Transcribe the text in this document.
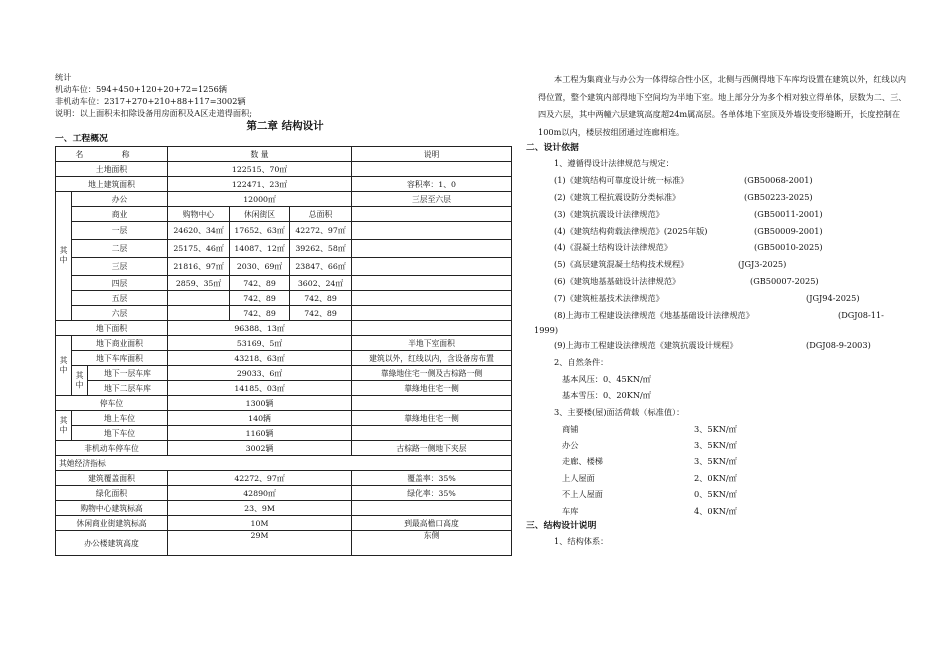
统计
机动车位：594+450+120+20+72=1256辆
非机动车位：2317+270+210+88+117=3002辆
说明：以上面积未扣除设备用房面积及A区走道得面积;
第二章 结构设计
一、工程概况
名 称			数 量			说明
土地面积			122515、70㎡			
地上建筑面积			122471、23㎡			容积率：1、0
其中	办公		12000㎡			三层至六层
	商业		购物中心	休闲街区	总面积	
	一层		24620、34㎡	17652、63㎡	42272、97㎡	
	二层		25175、46㎡	14087、12㎡	39262、58㎡	
	三层		21816、97㎡	2030、69㎡	23847、66㎡	
	四层		2859、35㎡	742、89	3602、24㎡	
	五层			742、89	742、89	
	六层			742、89	742、89	
地下面积			96388、13㎡			
其中	地下商业面积		53169、5㎡			半地下室面积
	地下车库面积		43218、63㎡			建筑以外，红线以内，含设备房布置
	其中	地下一层车库	29033、6㎡			靠綠地住宅一侧及古棕路一侧
		地下二层车库	14185、03㎡			靠綠地住宅一侧
停车位			1300辆			
其中	地上车位		140辆			靠綠地住宅一侧
	地下车位		1160辆			
非机动车停车位			3002辆			古棕路一侧地下夹层
其她经济指标						
建筑覆盖面积			42272、97㎡			覆盖率：35%
绿化面积			42890㎡			绿化率：35%
购物中心建筑标高			23、9M			
休闲商业街建筑标高			10M			到最高檐口高度
办公楼建筑高度			29M			东侧

本工程为集商业与办公为一体得综合性小区，北侧与西侧得地下车库均设置在建筑以外，红线以内得位置，整个建筑内部得地下空间均为半地下室。地上部分分为多个相对独立得单体，层数为二、三、四及六层，其中两幢六层建筑高度超24m属高层。各单体地下室顶及外墙设变形缝断开，长度控制在100m以内，楼层按组团通过连廊相连。

二、设计依据
1、遵循得设计法律规范与规定：
(1)《建筑结构可靠度设计统一标准》	(GB50068-2001)
(2)《建筑工程抗震设防分类标准》	(GB50223-2025)
(3)《建筑抗震设计法律规范》	(GB50011-2001)
(4)《建筑结构荷载法律规范》(2025年版)	(GB50009-2001)
(4)《混凝土结构设计法律规范》	(GB50010-2025)
(5)《高层建筑混凝土结构技术规程》	(JGJ3-2025)
(6)《建筑地基基础设计法律规范》	(GB50007-2025)
(7)《建筑桩基技术法律规范》	(JGJ94-2025)
(8)上海市工程建设法律规范《地基基础设计法律规范》	(DGJ08-11-
1999)
(9)上海市工程建设法律规范《建筑抗震设计规程》	(DGJ08-9-2003)
2、自然条件：
基本风压：0、45KN/㎡
基本雪压：0、20KN/㎡
3、主要楼(屋)面活荷载（标准值）：
商铺	3、5KN/㎡
办公	3、5KN/㎡
走廊、楼梯	3、5KN/㎡
上人屋面	2、0KN/㎡
不上人屋面	0、5KN/㎡
车库	4、0KN/㎡
三、结构设计说明
1、结构体系：
